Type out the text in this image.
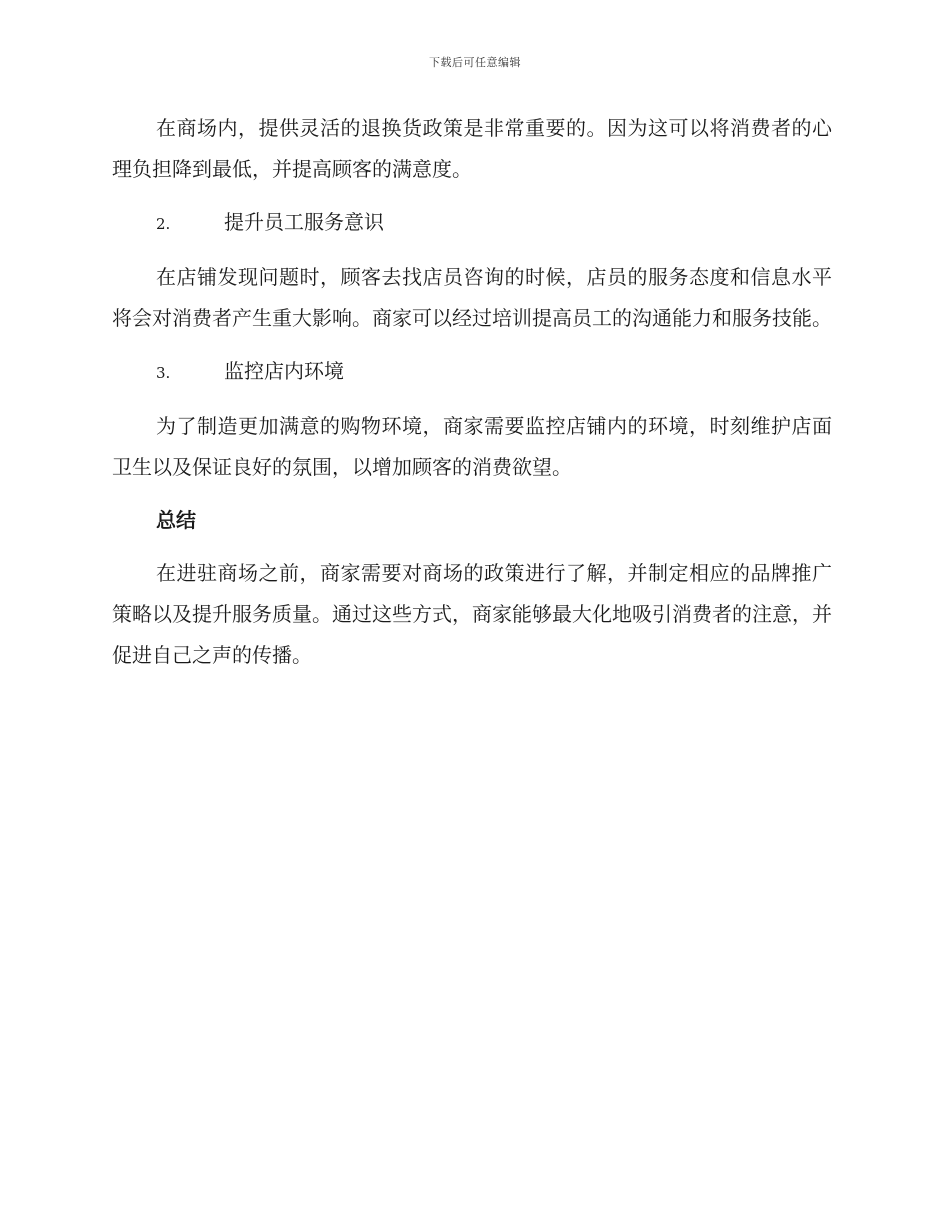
下载后可任意编辑

在商场内，提供灵活的退换货政策是非常重要的。因为这可以将消费者的心理负担降到最低，并提高顾客的满意度。

2.	提升员工服务意识

在店铺发现问题时，顾客去找店员咨询的时候，店员的服务态度和信息水平将会对消费者产生重大影响。商家可以经过培训提高员工的沟通能力和服务技能。

3.	监控店内环境

为了制造更加满意的购物环境，商家需要监控店铺内的环境，时刻维护店面卫生以及保证良好的氛围，以增加顾客的消费欲望。

总结

在进驻商场之前，商家需要对商场的政策进行了解，并制定相应的品牌推广策略以及提升服务质量。通过这些方式，商家能够最大化地吸引消费者的注意，并促进自己之声的传播。
